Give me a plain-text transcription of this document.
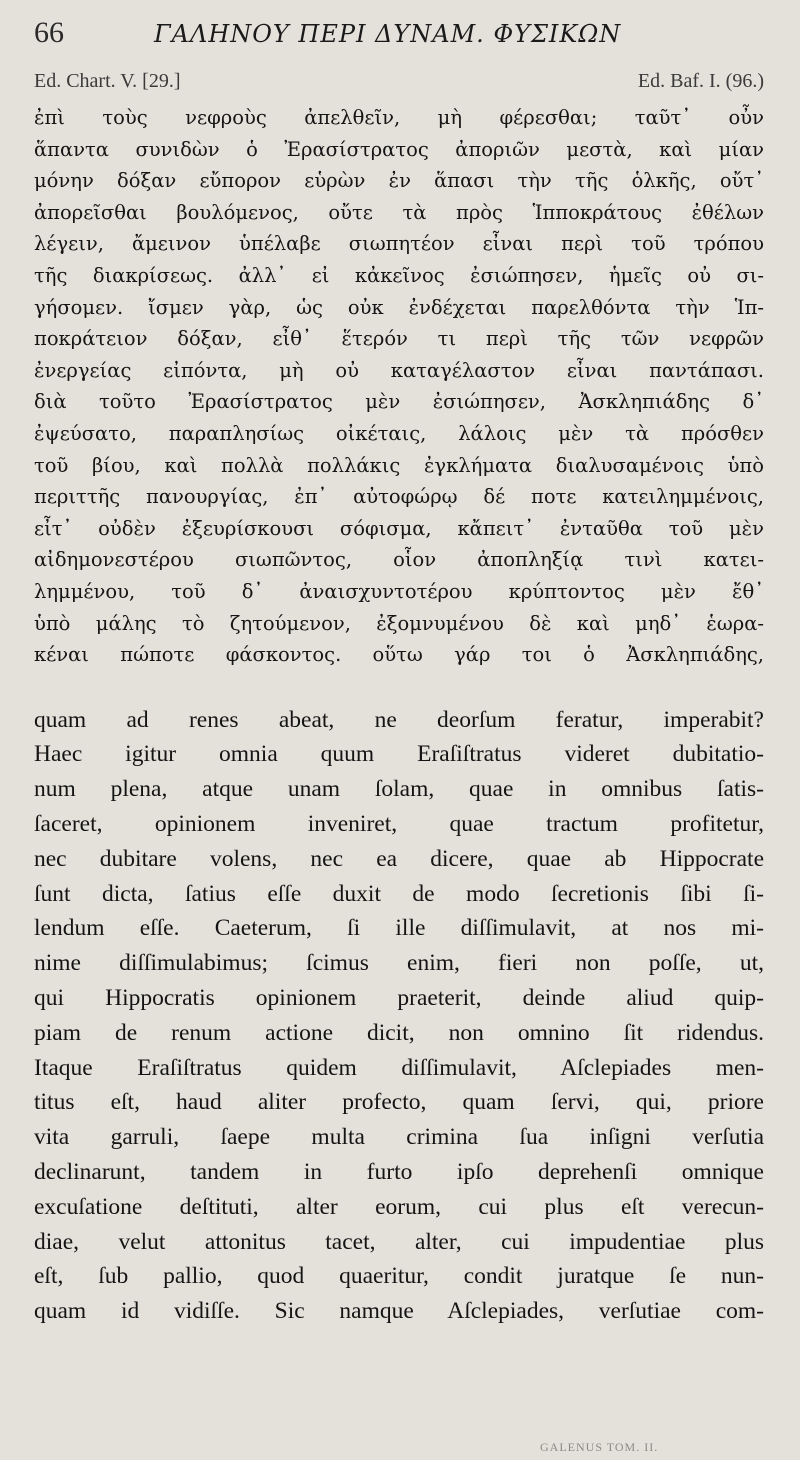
66	ΓΑΛΗΝΟΥ ΠΕΡΙ ΔΥΝΑΜ. ΦΥΣΙΚΩΝ
Ed. Chart. V. [29.]	Ed. Baf. I. (96.)
ἐπὶ τοὺς νεφροὺς ἀπελθεῖν, μὴ φέρεσθαι; ταῦτ᾽ οὖν
ἅπαντα συνιδὼν ὁ Ἐρασίστρατος ἀποριῶν μεστὰ, καὶ μίαν
μόνην δόξαν εὔπορον εὑρὼν ἐν ἅπασι τὴν τῆς ὁλκῆς, οὔτ᾽
ἀπορεῖσθαι βουλόμενος, οὔτε τὰ πρὸς Ἱπποκράτους ἐθέλων
λέγειν, ἄμεινον ὑπέλαβε σιωπητέον εἶναι περὶ τοῦ τρόπου
τῆς διακρίσεως. ἀλλ᾽ εἰ κἀκεῖνος ἐσιώπησεν, ἡμεῖς οὐ σι-
γήσομεν. ἴσμεν γὰρ, ὡς οὐκ ἐνδέχεται παρελθόντα τὴν Ἱπ-
ποκράτειον δόξαν, εἶθ᾽ ἕτερόν τι περὶ τῆς τῶν νεφρῶν
ἐνεργείας εἰπόντα, μὴ οὐ καταγέλαστον εἶναι παντάπασι.
διὰ τοῦτο Ἐρασίστρατος μὲν ἐσιώπησεν, Ἀσκληπιάδης δ᾽
ἐψεύσατο, παραπλησίως οἰκέταις, λάλοις μὲν τὰ πρόσθεν
τοῦ βίου, καὶ πολλὰ πολλάκις ἐγκλήματα διαλυσαμένοις ὑπὸ
περιττῆς πανουργίας, ἐπ᾽ αὐτοφώρῳ δέ ποτε κατειλημμένοις,
εἶτ᾽ οὐδὲν ἐξευρίσκουσι σόφισμα, κἄπειτ᾽ ἐνταῦθα τοῦ μὲν
αἰδημονεστέρου σιωπῶντος, οἷον ἀποπληξίᾳ τινὶ κατει-
λημμένου, τοῦ δ᾽ ἀναισχυντοτέρου κρύπτοντος μὲν ἔθ᾽
ὑπὸ μάλης τὸ ζητούμενον, ἐξομνυμένου δὲ καὶ μηδ᾽ ἑωρα-
κέναι πώποτε φάσκοντος. οὕτω γάρ τοι ὁ Ἀσκληπιάδης,
quam ad renes abeat, ne deorſum feratur, imperabit?
Haec igitur omnia quum Eraſiſtratus videret dubitatio-
num plena, atque unam ſolam, quae in omnibus ſatis-
ſaceret, opinionem inveniret, quae tractum profitetur,
nec dubitare volens, nec ea dicere, quae ab Hippocrate
ſunt dicta, ſatius eſſe duxit de modo ſecretionis ſibi ſi-
lendum eſſe. Caeterum, ſi ille diſſimulavit, at nos mi-
nime diſſimulabimus; ſcimus enim, fieri non poſſe, ut,
qui Hippocratis opinionem praeterit, deinde aliud quip-
piam de renum actione dicit, non omnino ſit ridendus.
Itaque Eraſiſtratus quidem diſſimulavit, Aſclepiades men-
titus eſt, haud aliter profecto, quam ſervi, qui, priore
vita garruli, ſaepe multa crimina ſua inſigni verſutia
declinarunt, tandem in furto ipſo deprehenſi omnique
excuſatione deſtituti, alter eorum, cui plus eſt verecun-
diae, velut attonitus tacet, alter, cui impudentiae plus
eſt, ſub pallio, quod quaeritur, condit juratque ſe nun-
quam id vidiſſe. Sic namque Aſclepiades, verſutiae com-
GALENUS TOM. II.
